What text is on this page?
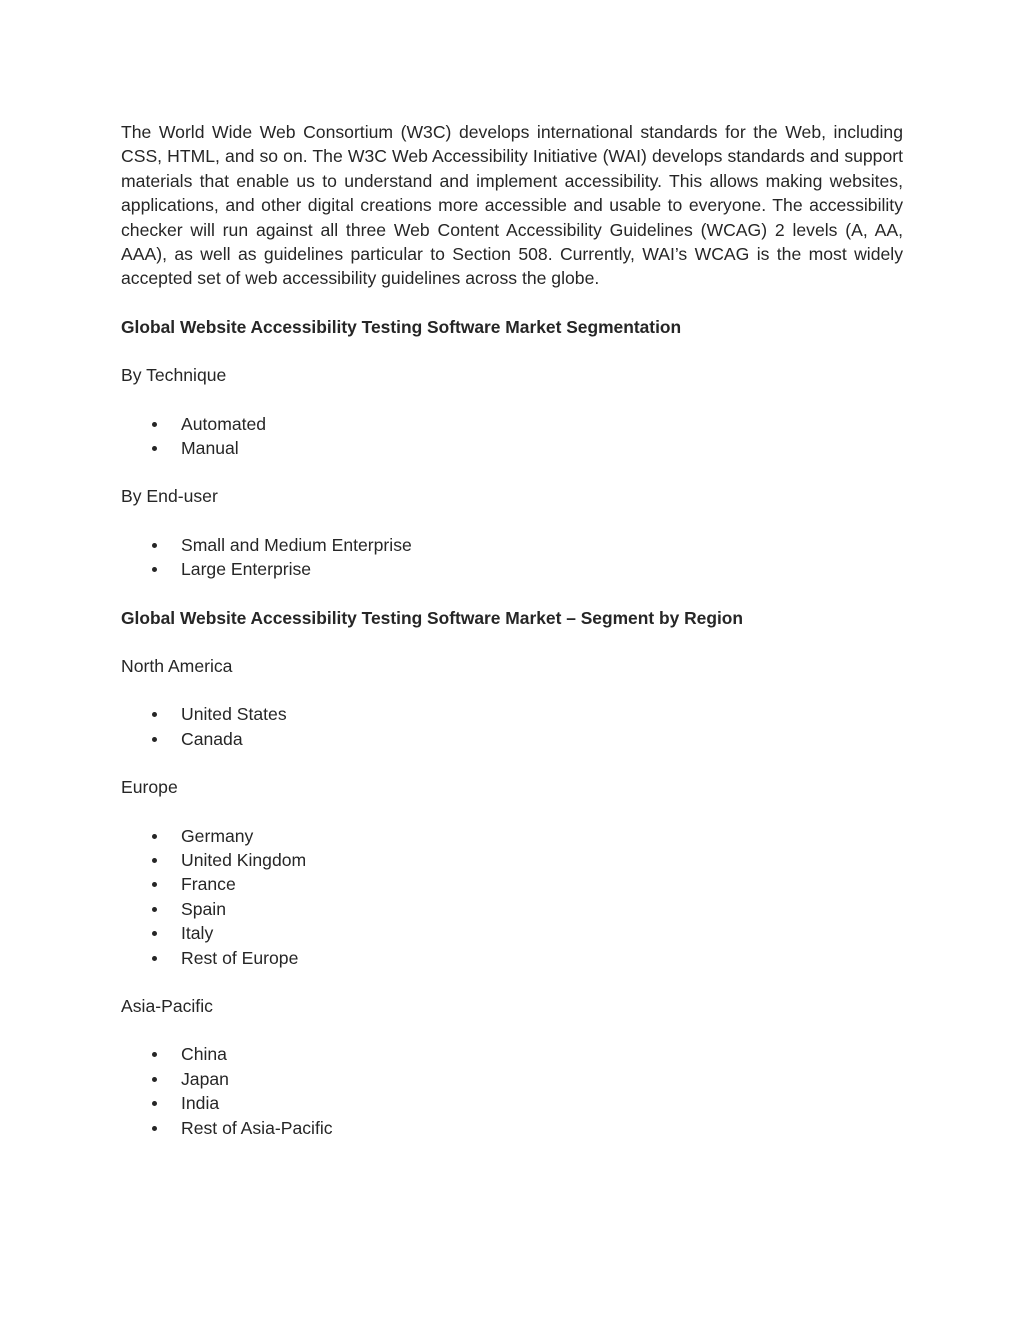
The World Wide Web Consortium (W3C) develops international standards for the Web, including CSS, HTML, and so on. The W3C Web Accessibility Initiative (WAI) develops standards and support materials that enable us to understand and implement accessibility. This allows making websites, applications, and other digital creations more accessible and usable to everyone. The accessibility checker will run against all three Web Content Accessibility Guidelines (WCAG) 2 levels (A, AA, AAA), as well as guidelines particular to Section 508. Currently, WAI’s WCAG is the most widely accepted set of web accessibility guidelines across the globe.

Global Website Accessibility Testing Software Market Segmentation

By Technique

Automated
Manual

By End-user

Small and Medium Enterprise
Large Enterprise

Global Website Accessibility Testing Software Market – Segment by Region

North America

United States
Canada

Europe

Germany
United Kingdom
France
Spain
Italy
Rest of Europe

Asia-Pacific

China
Japan
India
Rest of Asia-Pacific
